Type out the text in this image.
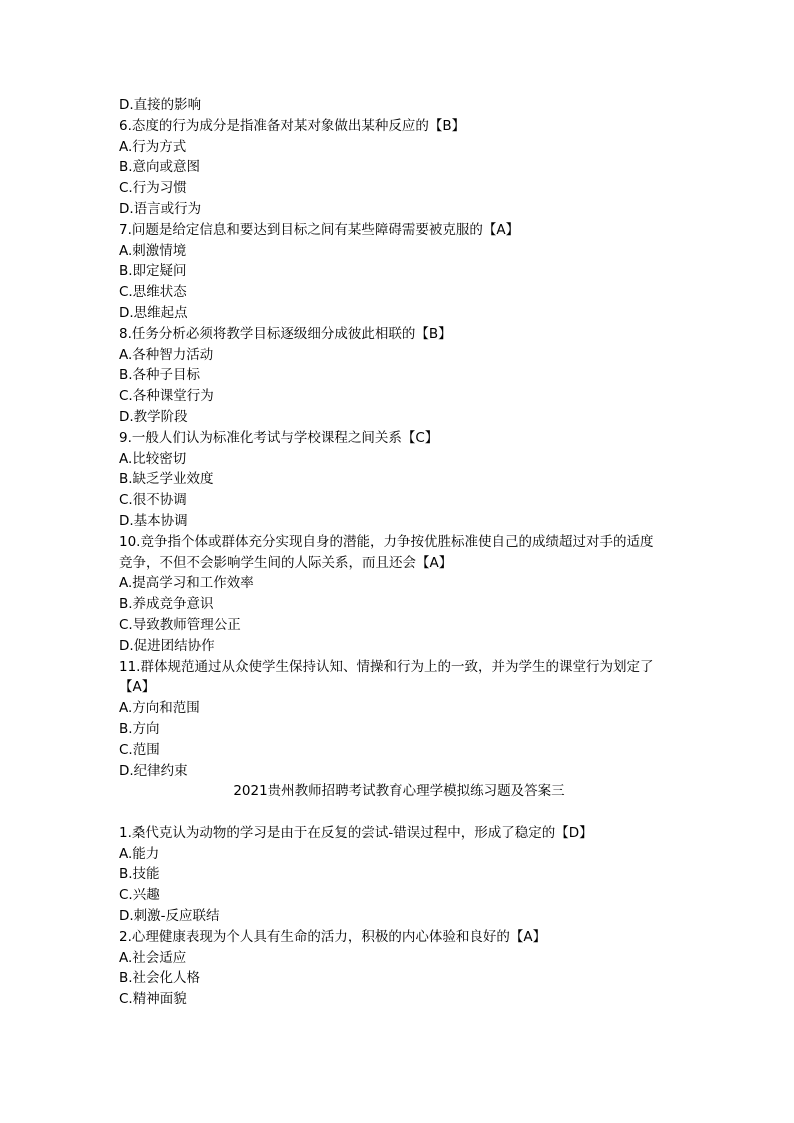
D.直接的影响
6.态度的行为成分是指准备对某对象做出某种反应的【B】
A.行为方式
B.意向或意图
C.行为习惯
D.语言或行为
7.问题是给定信息和要达到目标之间有某些障碍需要被克服的【A】
A.刺激情境
B.即定疑问
C.思维状态
D.思维起点
8.任务分析必须将教学目标逐级细分成彼此相联的【B】
A.各种智力活动
B.各种子目标
C.各种课堂行为
D.教学阶段
9.一般人们认为标准化考试与学校课程之间关系【C】
A.比较密切
B.缺乏学业效度
C.很不协调
D.基本协调
10.竞争指个体或群体充分实现自身的潜能，力争按优胜标准使自己的成绩超过对手的适度
竞争，不但不会影响学生间的人际关系，而且还会【A】
A.提高学习和工作效率
B.养成竞争意识
C.导致教师管理公正
D.促进团结协作
11.群体规范通过从众使学生保持认知、情操和行为上的一致，并为学生的课堂行为划定了
【A】
A.方向和范围
B.方向
C.范围
D.纪律约束
2021贵州教师招聘考试教育心理学模拟练习题及答案三
1.桑代克认为动物的学习是由于在反复的尝试-错误过程中，形成了稳定的【D】
A.能力
B.技能
C.兴趣
D.刺激-反应联结
2.心理健康表现为个人具有生命的活力，积极的内心体验和良好的【A】
A.社会适应
B.社会化人格
C.精神面貌
